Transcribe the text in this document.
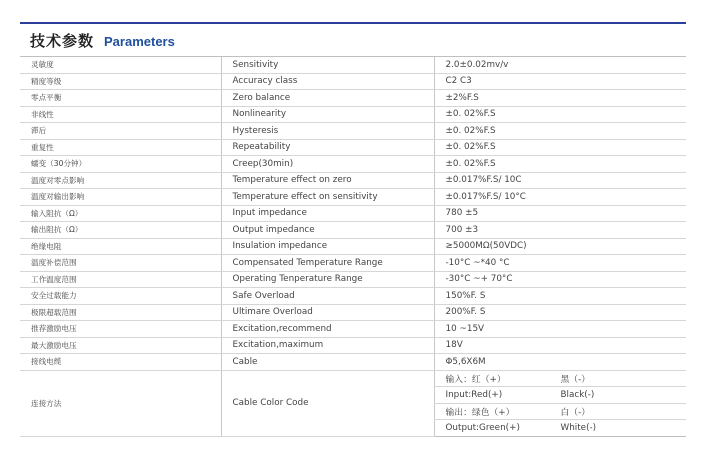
技术参数 Parameters
灵敏度	Sensitivity	2.0±0.02mv/v
精度等级	Accuracy class	C2 C3
零点平衡	Zero balance	±2%F.S
非线性	Nonlinearity	±0. 02%F.S
滞后	Hysteresis	±0. 02%F.S
重复性	Repeatability	±0. 02%F.S
蠕变（30分钟）	Creep(30min)	±0. 02%F.S
温度对零点影响	Temperature effect on zero	±0.017%F.S/ 10C
温度对输出影响	Temperature effect on sensitivity	±0.017%F.S/ 10°C
输入阻抗（Ω）	Input impedance	780 ±5
输出阻抗（Ω）	Output impedance	700 ±3
绝缘电阻	Insulation impedance	≥5000MΩ(50VDC)
温度补偿范围	Compensated Temperature Range	-10°C ~*40 °C
工作温度范围	Operating Tenperature Range	-30°C ~+ 70°C
安全过载能力	Safe Overload	150%F. S
极限超载范围	Ultimare Overload	200%F. S
推荐激励电压	Excitation,recommend	10 ~15V
最大激励电压	Excitation,maximum	18V
接线电缆	Cable	Φ5,6X6M
连接方法	Cable Color Code	输入：红（+） 黑（-）

		Input:Red(+) Black(-)

		输出：绿色（+） 白（-）

		Output:Green(+) White(-)
